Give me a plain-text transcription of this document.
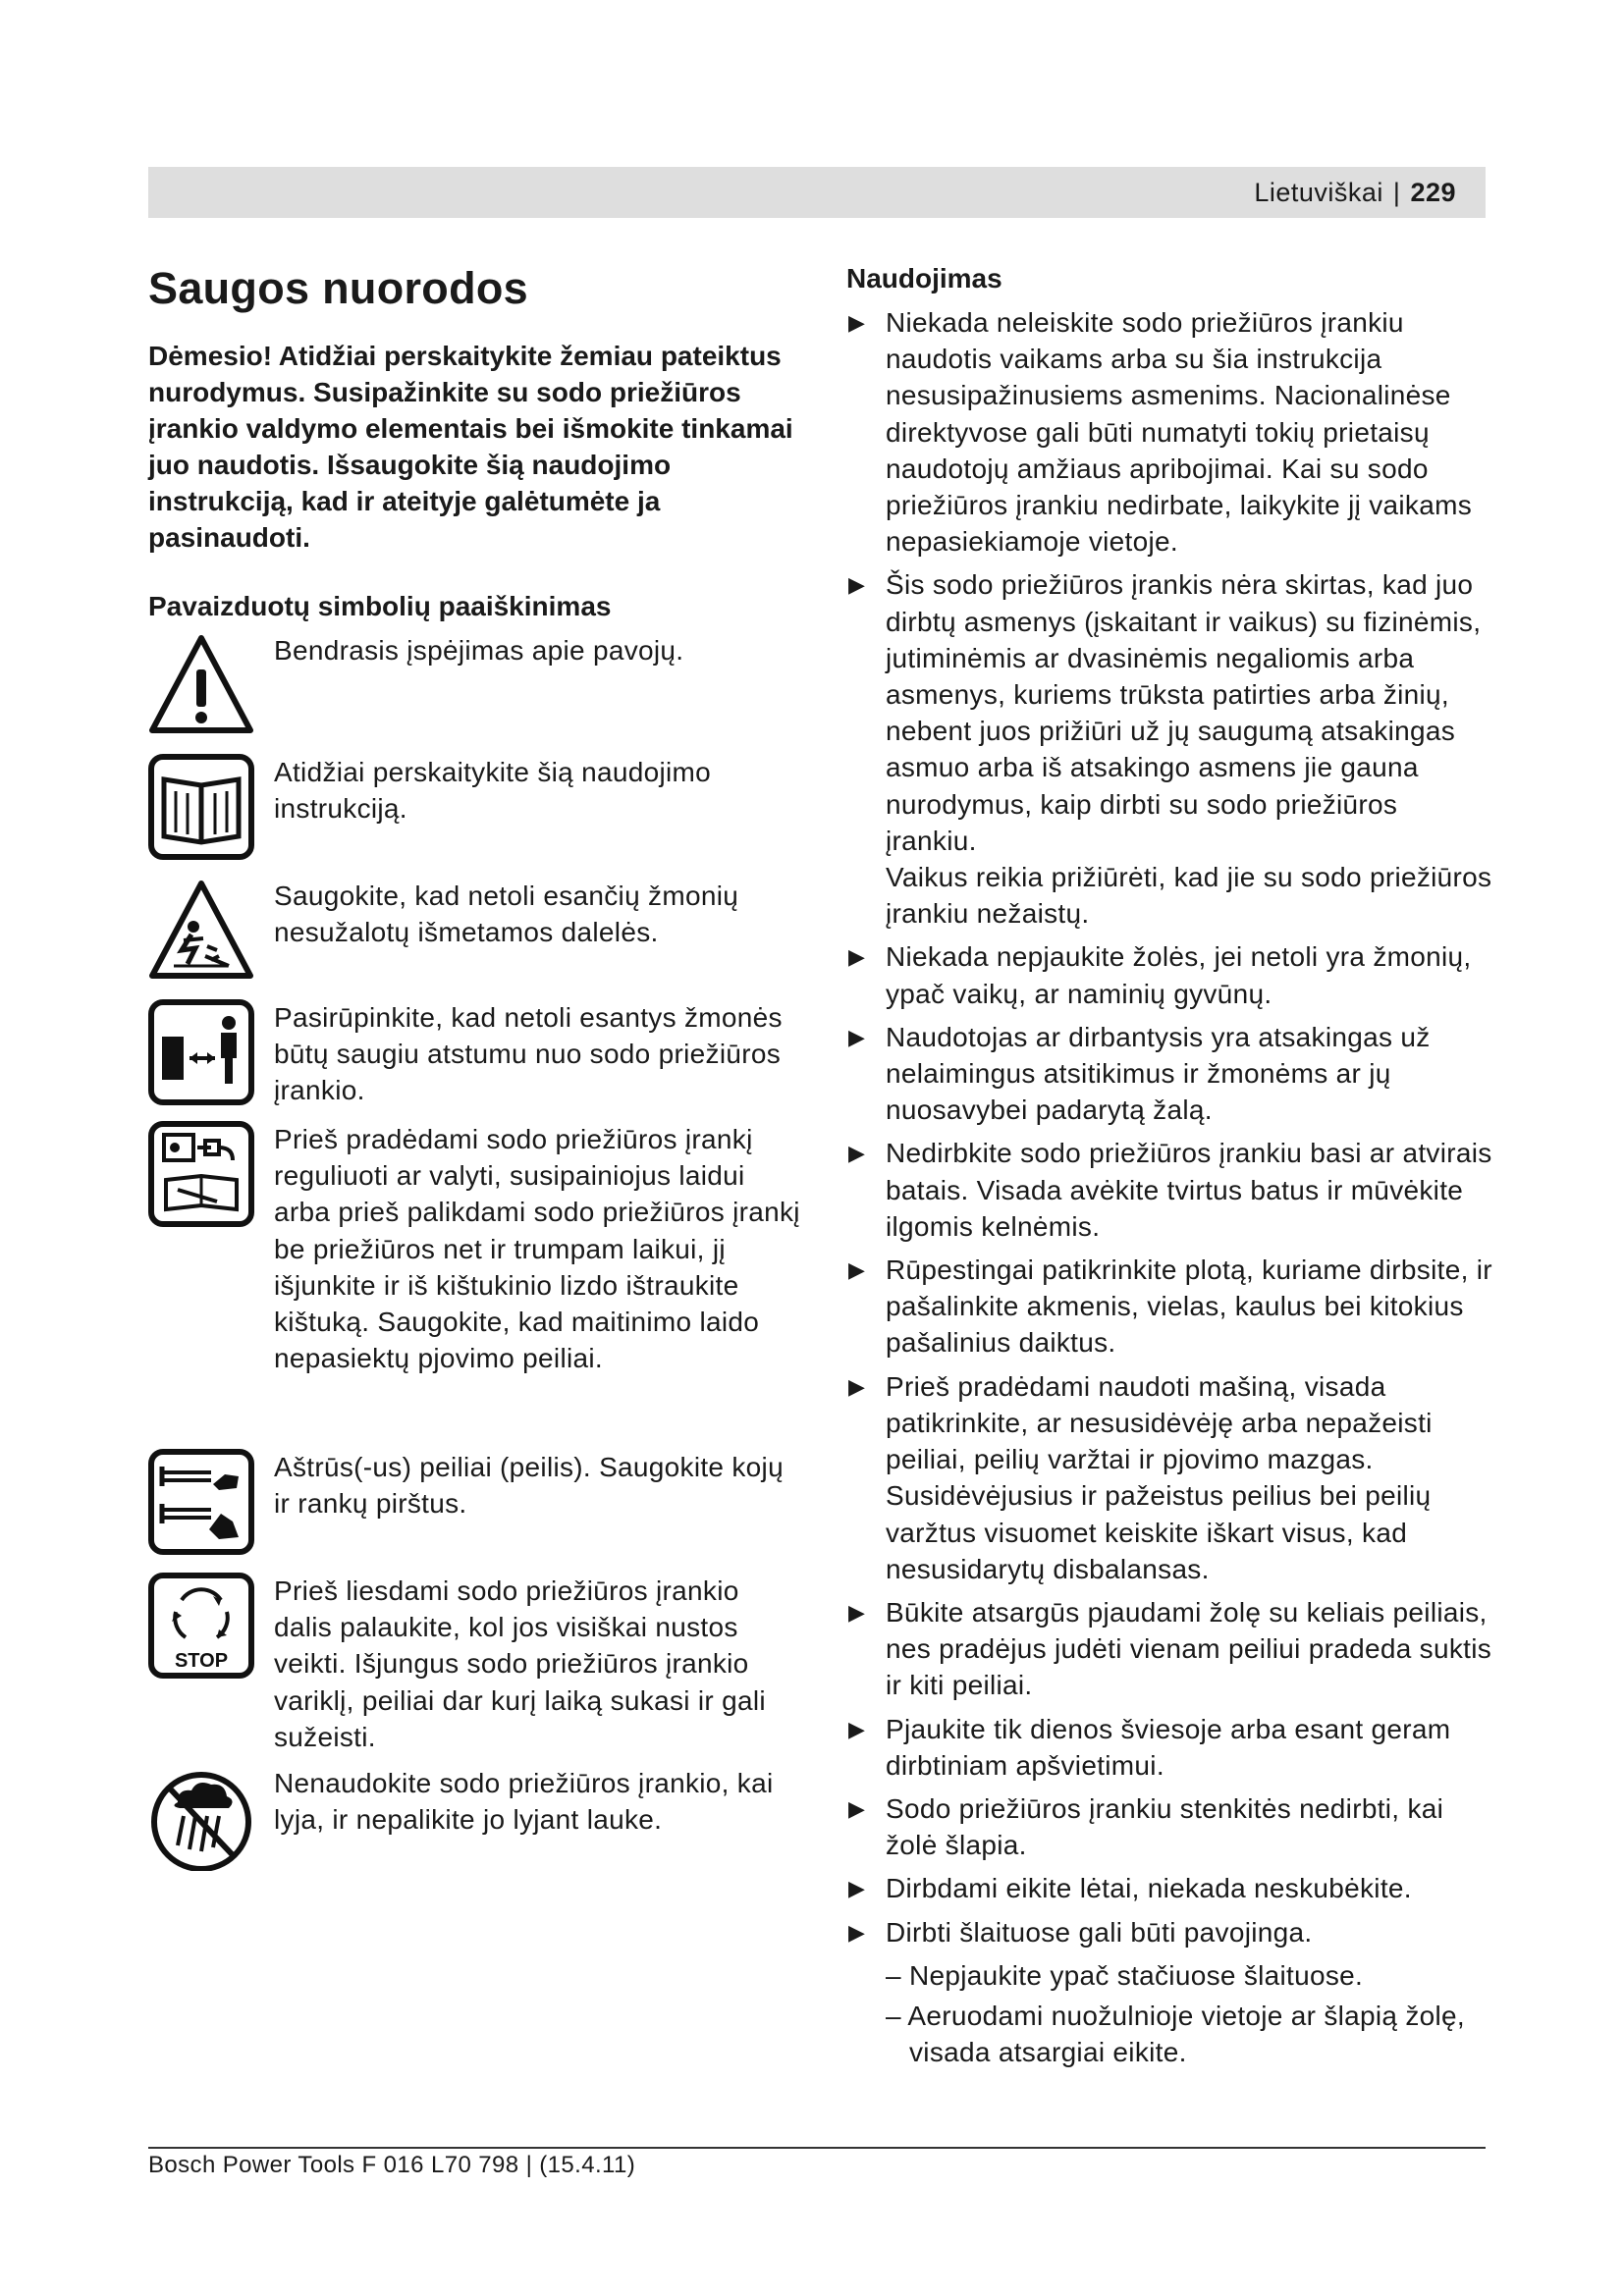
Lietuviškai | 229
Saugos nuorodos

Dėmesio! Atidžiai perskaitykite žemiau pateiktus nurodymus. Susipažinkite su sodo priežiūros įrankio valdymo elementais bei išmokite tinkamai juo naudotis. Išsaugokite šią naudojimo instrukciją, kad ir ateityje galėtumėte ja pasinaudoti.

Pavaizduotų simbolių paaiškinimas
Bendrasis įspėjimas apie pavojų.
Atidžiai perskaitykite šią naudojimo instrukciją.
Saugokite, kad netoli esančių žmonių nesužalotų išmetamos dalelės.
Pasirūpinkite, kad netoli esantys žmonės būtų saugiu atstumu nuo sodo priežiūros įrankio.
Prieš pradėdami sodo priežiūros įrankį reguliuoti ar valyti, susipainiojus laidui arba prieš palikdami sodo priežiūros įrankį be priežiūros net ir trumpam laikui, jį išjunkite ir iš kištukinio lizdo ištraukite kištuką. Saugokite, kad maitinimo laido nepasiektų pjovimo peiliai.
Aštrūs(-us) peiliai (peilis). Saugokite kojų ir rankų pirštus.
STOP
Prieš liesdami sodo priežiūros įrankio dalis palaukite, kol jos visiškai nustos veikti. Išjungus sodo priežiūros įrankio variklį, peiliai dar kurį laiką sukasi ir gali sužeisti.
Nenaudokite sodo priežiūros įrankio, kai lyja, ir nepalikite jo lyjant lauke.
Naudojimas
▶ Niekada neleiskite sodo priežiūros įrankiu naudotis vaikams arba su šia instrukcija nesusipažinusiems asmenims. Nacionalinėse direktyvose gali būti numatyti tokių prietaisų naudotojų amžiaus apribojimai. Kai su sodo priežiūros įrankiu nedirbate, laikykite jį vaikams nepasiekiamoje vietoje.
▶ Šis sodo priežiūros įrankis nėra skirtas, kad juo dirbtų asmenys (įskaitant ir vaikus) su fizinėmis, jutiminėmis ar dvasinėmis negaliomis arba asmenys, kuriems trūksta patirties arba žinių, nebent juos prižiūri už jų saugumą atsakingas asmuo arba iš atsakingo asmens jie gauna nurodymus, kaip dirbti su sodo priežiūros įrankiu.
Vaikus reikia prižiūrėti, kad jie su sodo priežiūros įrankiu nežaistų.
▶ Niekada nepjaukite žolės, jei netoli yra žmonių, ypač vaikų, ar naminių gyvūnų.
▶ Naudotojas ar dirbantysis yra atsakingas už nelaimingus atsitikimus ir žmonėms ar jų nuosavybei padarytą žalą.
▶ Nedirbkite sodo priežiūros įrankiu basi ar atvirais batais. Visada avėkite tvirtus batus ir mūvėkite ilgomis kelnėmis.
▶ Rūpestingai patikrinkite plotą, kuriame dirbsite, ir pašalinkite akmenis, vielas, kaulus bei kitokius pašalinius daiktus.
▶ Prieš pradėdami naudoti mašiną, visada patikrinkite, ar nesusidėvėję arba nepažeisti peiliai, peilių varžtai ir pjovimo mazgas. Susidėvėjusius ir pažeistus peilius bei peilių varžtus visuomet keiskite iškart visus, kad nesusidarytų disbalansas.
▶ Būkite atsargūs pjaudami žolę su keliais peiliais, nes pradėjus judėti vienam peiliui pradeda suktis ir kiti peiliai.
▶ Pjaukite tik dienos šviesoje arba esant geram dirbtiniam apšvietimui.
▶ Sodo priežiūros įrankiu stenkitės nedirbti, kai žolė šlapia.
▶ Dirbdami eikite lėtai, niekada neskubėkite.
▶ Dirbti šlaituose gali būti pavojinga.
– Nepjaukite ypač stačiuose šlaituose.
– Aeruodami nuožulnioje vietoje ar šlapią žolę, visada atsargiai eikite.
Bosch Power Tools F 016 L70 798 | (15.4.11)
